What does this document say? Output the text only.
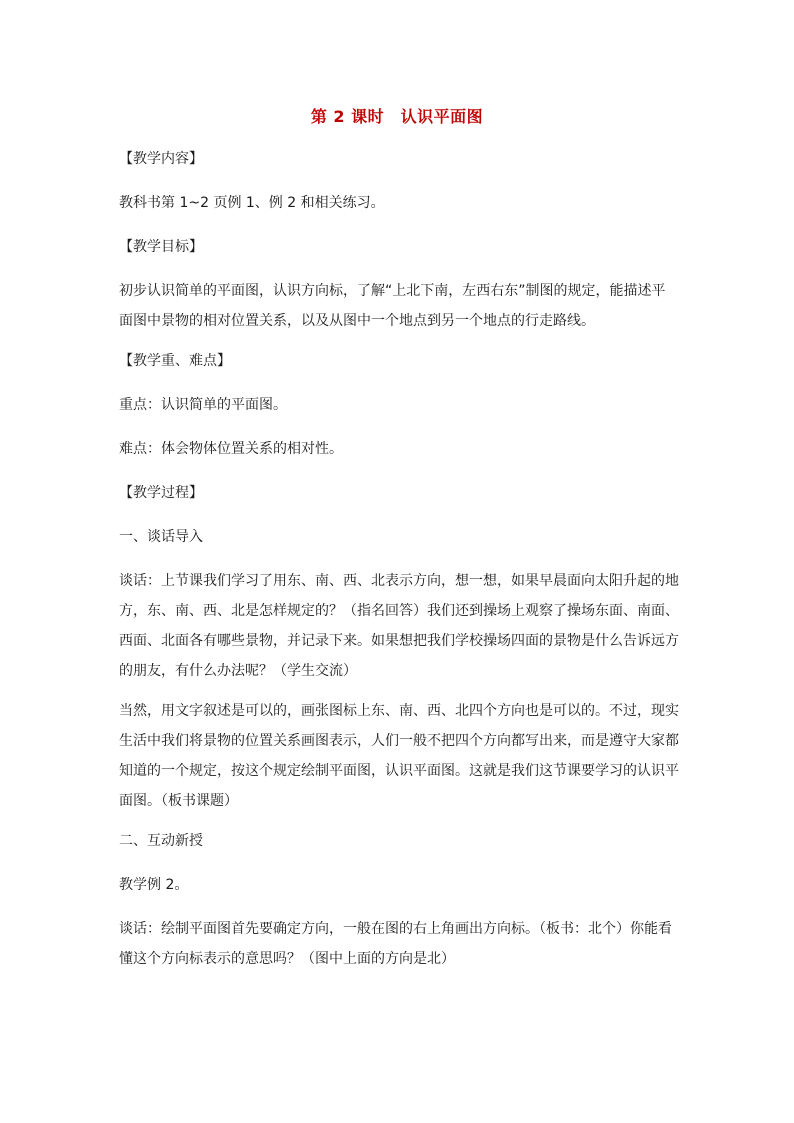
第 2 课时　认识平面图
【教学内容】
教科书第 1~2 页例 1、例 2 和相关练习。
【教学目标】
初步认识简单的平面图，认识方向标，了解“上北下南，左西右东”制图的规定，能描述平
面图中景物的相对位置关系，以及从图中一个地点到另一个地点的行走路线。
【教学重、难点】
重点：认识简单的平面图。
难点：体会物体位置关系的相对性。
【教学过程】
一、谈话导入
谈话：上节课我们学习了用东、南、西、北表示方向，想一想，如果早晨面向太阳升起的地
方，东、南、西、北是怎样规定的？（指名回答）我们还到操场上观察了操场东面、南面、
西面、北面各有哪些景物，并记录下来。如果想把我们学校操场四面的景物是什么告诉远方
的朋友，有什么办法呢？（学生交流）
当然，用文字叙述是可以的，画张图标上东、南、西、北四个方向也是可以的。不过，现实
生活中我们将景物的位置关系画图表示，人们一般不把四个方向都写出来，而是遵守大家都
知道的一个规定，按这个规定绘制平面图，认识平面图。这就是我们这节课要学习的认识平
面图。（板书课题）
二、互动新授
教学例 2。
谈话：绘制平面图首先要确定方向，一般在图的右上角画出方向标。（板书：北个）你能看
懂这个方向标表示的意思吗？（图中上面的方向是北）
